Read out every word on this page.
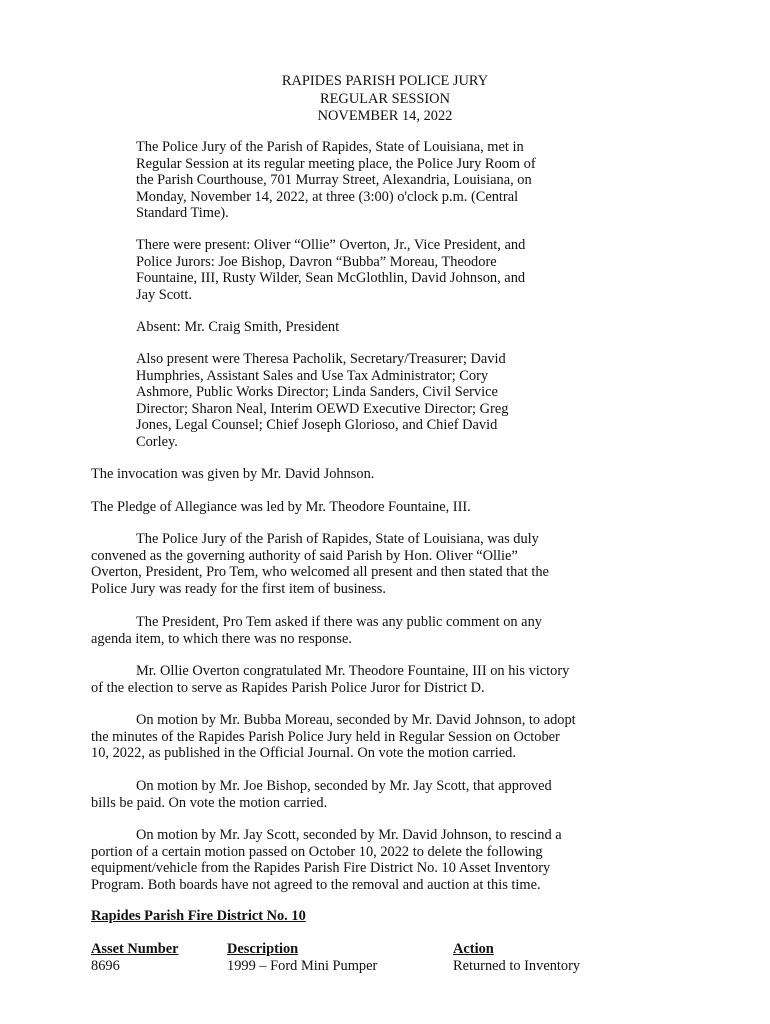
RAPIDES PARISH POLICE JURY
REGULAR SESSION
NOVEMBER 14, 2022
The Police Jury of the Parish of Rapides, State of Louisiana, met in
Regular Session at its regular meeting place, the Police Jury Room of
the Parish Courthouse, 701 Murray Street, Alexandria, Louisiana, on
Monday, November 14, 2022, at three (3:00) o'clock p.m. (Central
Standard Time).
There were present: Oliver “Ollie” Overton, Jr., Vice President, and
Police Jurors: Joe Bishop, Davron “Bubba” Moreau, Theodore
Fountaine, III, Rusty Wilder, Sean McGlothlin, David Johnson, and
Jay Scott.
Absent: Mr. Craig Smith, President
Also present were Theresa Pacholik, Secretary/Treasurer; David
Humphries, Assistant Sales and Use Tax Administrator; Cory
Ashmore, Public Works Director; Linda Sanders, Civil Service
Director; Sharon Neal, Interim OEWD Executive Director; Greg
Jones, Legal Counsel; Chief Joseph Glorioso, and Chief David
Corley.
The invocation was given by Mr. David Johnson.
The Pledge of Allegiance was led by Mr. Theodore Fountaine, III.
The Police Jury of the Parish of Rapides, State of Louisiana, was duly
convened as the governing authority of said Parish by Hon. Oliver “Ollie”
Overton, President, Pro Tem, who welcomed all present and then stated that the
Police Jury was ready for the first item of business.
The President, Pro Tem asked if there was any public comment on any
agenda item, to which there was no response.
Mr. Ollie Overton congratulated Mr. Theodore Fountaine, III on his victory
of the election to serve as Rapides Parish Police Juror for District D.
On motion by Mr. Bubba Moreau, seconded by Mr. David Johnson, to adopt
the minutes of the Rapides Parish Police Jury held in Regular Session on October
10, 2022, as published in the Official Journal. On vote the motion carried.
On motion by Mr. Joe Bishop, seconded by Mr. Jay Scott, that approved
bills be paid. On vote the motion carried.
On motion by Mr. Jay Scott, seconded by Mr. David Johnson, to rescind a
portion of a certain motion passed on October 10, 2022 to delete the following
equipment/vehicle from the Rapides Parish Fire District No. 10 Asset Inventory
Program. Both boards have not agreed to the removal and auction at this time.
Rapides Parish Fire District No. 10
Asset Number	Description	Action
8696	1999 – Ford Mini Pumper	Returned to Inventory
